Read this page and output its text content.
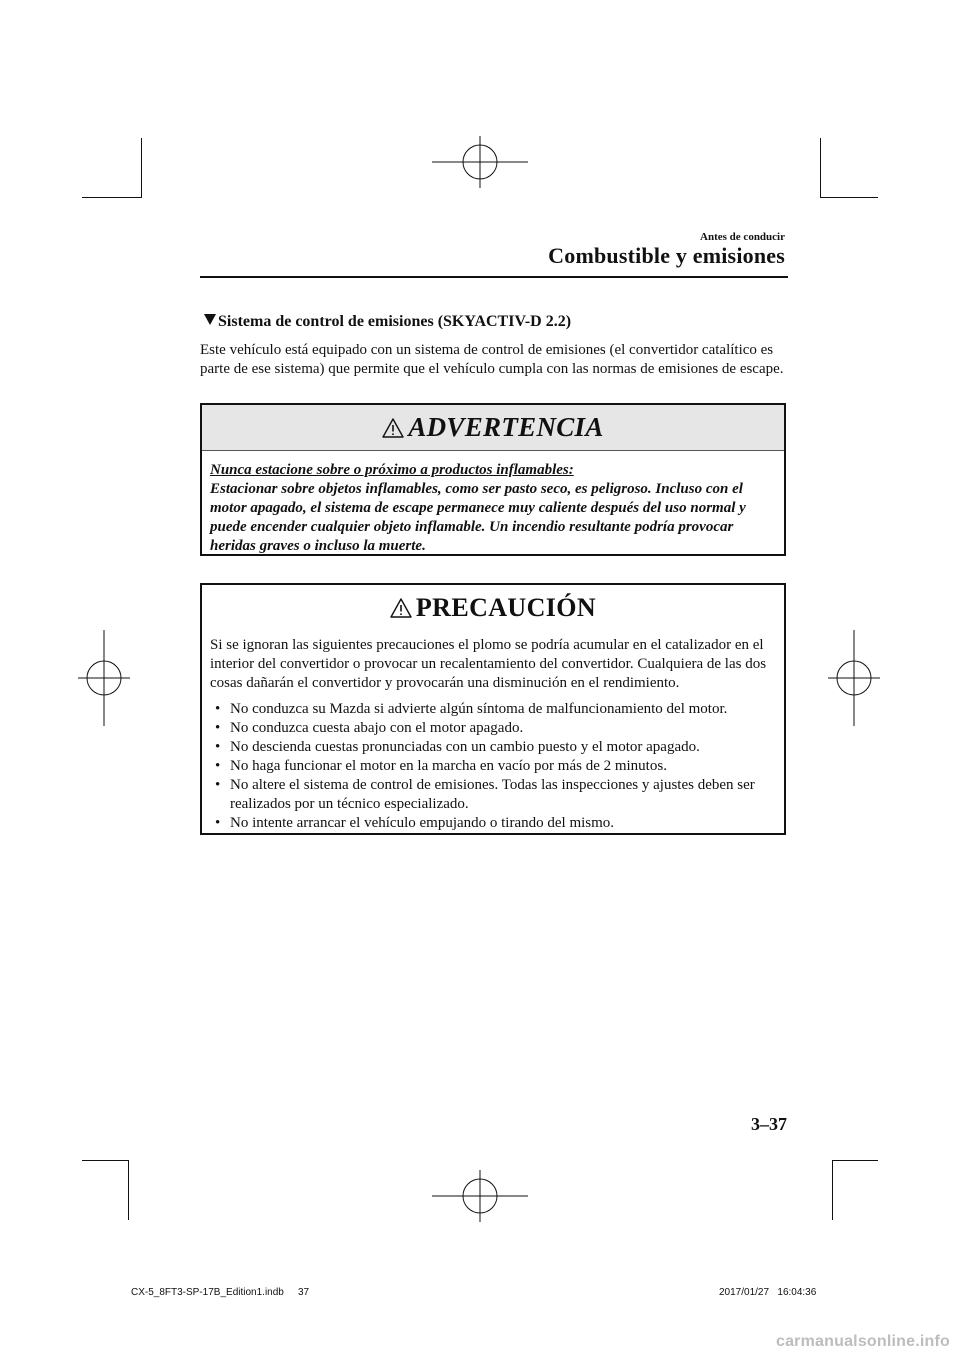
Antes de conducir
Combustible y emisiones
Sistema de control de emisiones (SKYACTIV-D 2.2)
Este vehículo está equipado con un sistema de control de emisiones (el convertidor catalítico es parte de ese sistema) que permite que el vehículo cumpla con las normas de emisiones de escape.
ADVERTENCIA
Nunca estacione sobre o próximo a productos inflamables:
Estacionar sobre objetos inflamables, como ser pasto seco, es peligroso. Incluso con el motor apagado, el sistema de escape permanece muy caliente después del uso normal y puede encender cualquier objeto inflamable. Un incendio resultante podría provocar heridas graves o incluso la muerte.
PRECAUCIÓN
Si se ignoran las siguientes precauciones el plomo se podría acumular en el catalizador en el interior del convertidor o provocar un recalentamiento del convertidor. Cualquiera de las dos cosas dañarán el convertidor y provocarán una disminución en el rendimiento.
• No conduzca su Mazda si advierte algún síntoma de malfuncionamiento del motor.
• No conduzca cuesta abajo con el motor apagado.
• No descienda cuestas pronunciadas con un cambio puesto y el motor apagado.
• No haga funcionar el motor en la marcha en vacío por más de 2 minutos.
• No altere el sistema de control de emisiones. Todas las inspecciones y ajustes deben ser realizados por un técnico especializado.
• No intente arrancar el vehículo empujando o tirando del mismo.
3–37
CX-5_8FT3-SP-17B_Edition1.indb 37	2017/01/27   16:04:36
carmanualsonline.info
